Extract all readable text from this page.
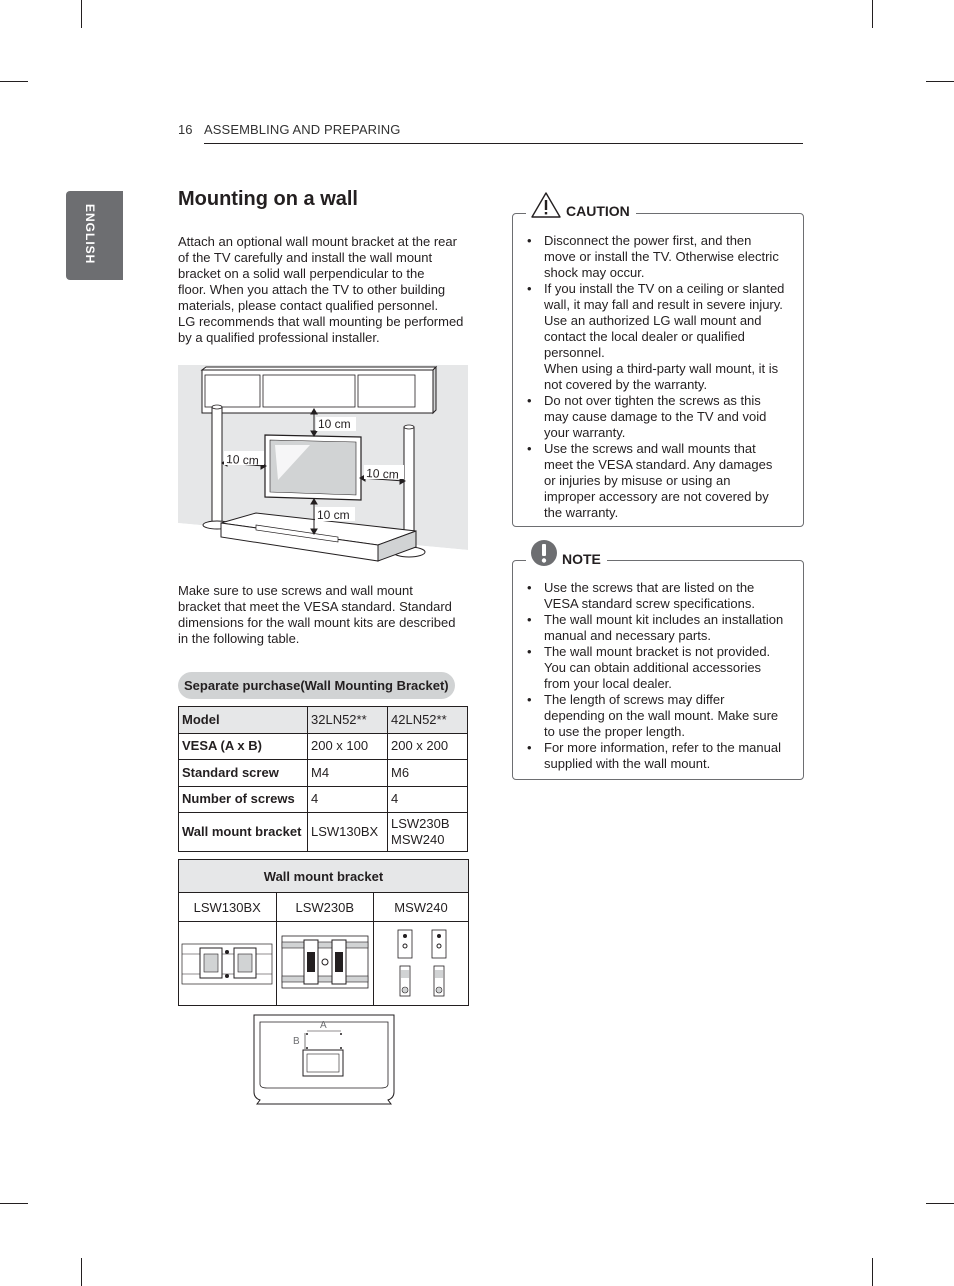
16 ASSEMBLING AND PREPARING
ENGLISH
Mounting on a wall
Attach an optional wall mount bracket at the rear
of the TV carefully and install the wall mount
bracket on a solid wall perpendicular to the
floor. When you attach the TV to other building
materials, please contact qualified personnel.
LG recommends that wall mounting be performed
by a qualified professional installer.
10 cm
10 cm
10 cm
10 cm
Make sure to use screws and wall mount
bracket that meet the VESA standard. Standard
dimensions for the wall mount kits are described
in the following table.
Separate purchase(Wall Mounting Bracket)
Model	32LN52**	42LN52**
VESA (A x B)	200 x 100	200 x 200
Standard screw	M4	M6
Number of screws	4	4
Wall mount bracket	LSW130BX	LSW230B
MSW240
Wall mount bracket		
LSW130BX	LSW230B	MSW240

A
B
CAUTION
• Disconnect the power first, and then
move or install the TV. Otherwise electric
shock may occur.
• If you install the TV on a ceiling or slanted
wall, it may fall and result in severe injury.
Use an authorized LG wall mount and
contact the local dealer or qualified
personnel.
When using a third-party wall mount, it is
not covered by the warranty.
• Do not over tighten the screws as this
may cause damage to the TV and void
your warranty.
• Use the screws and wall mounts that
meet the VESA standard. Any damages
or injuries by misuse or using an
improper accessory are not covered by
the warranty.
NOTE
• Use the screws that are listed on the
VESA standard screw specifications.
• The wall mount kit includes an installation
manual and necessary parts.
• The wall mount bracket is not provided.
You can obtain additional accessories
from your local dealer.
• The length of screws may differ
depending on the wall mount. Make sure
to use the proper length.
• For more information, refer to the manual
supplied with the wall mount.
